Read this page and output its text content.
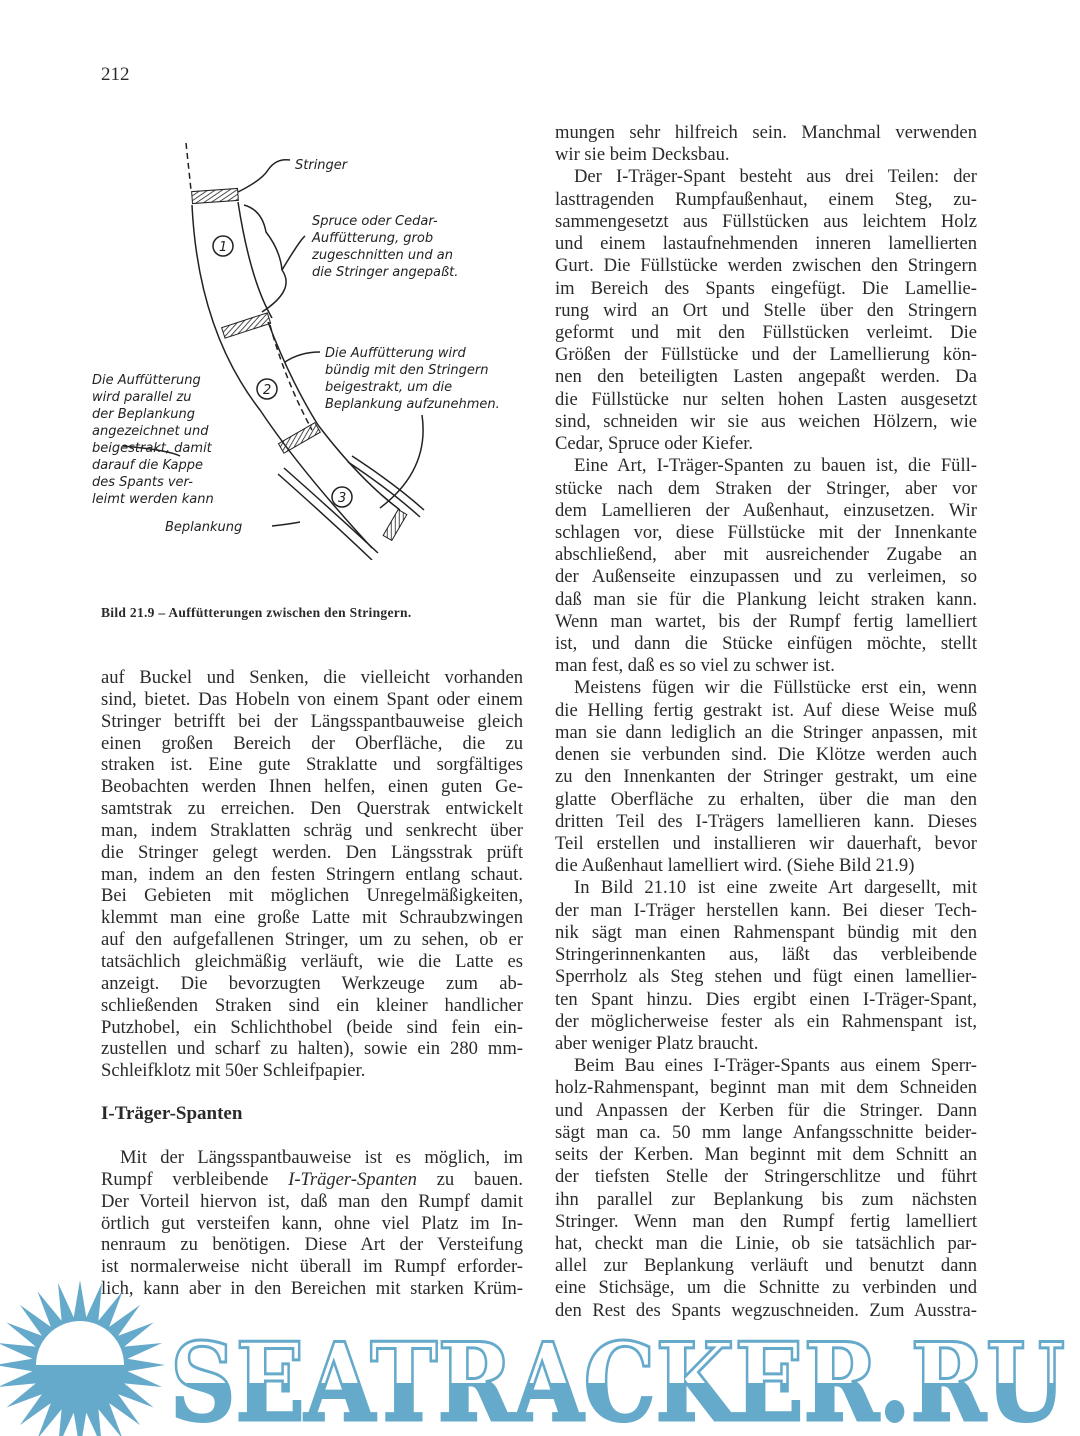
212
1
2
3
Stringer
Spruce oder Cedar-
Auffütterung, grob
zugeschnitten und an
die Stringer angepaßt.
Die Auffütterung wird
bündig mit den Stringern
beigestrakt, um die
Beplankung aufzunehmen.
Die Auffütterung
wird parallel zu
der Beplankung
angezeichnet und
beigestrakt, damit
darauf die Kappe
des Spants ver-
leimt werden kann
Beplankung
Bild 21.9 – Auffütterungen zwischen den Stringern.
auf Buckel und Senken, die vielleicht vorhanden
sind, bietet. Das Hobeln von einem Spant oder einem
Stringer betrifft bei der Längsspantbauweise gleich
einen großen Bereich der Oberfläche, die zu
straken ist. Eine gute Straklatte und sorgfältiges
Beobachten werden Ihnen helfen, einen guten Ge-
samtstrak zu erreichen. Den Querstrak entwickelt
man, indem Straklatten schräg und senkrecht über
die Stringer gelegt werden. Den Längsstrak prüft
man, indem an den festen Stringern entlang schaut.
Bei Gebieten mit möglichen Unregelmäßigkeiten,
klemmt man eine große Latte mit Schraubzwingen
auf den aufgefallenen Stringer, um zu sehen, ob er
tatsächlich gleichmäßig verläuft, wie die Latte es
anzeigt. Die bevorzugten Werkzeuge zum ab-
schließenden Straken sind ein kleiner handlicher
Putzhobel, ein Schlichthobel (beide sind fein ein-
zustellen und scharf zu halten), sowie ein 280 mm-
Schleifklotz mit 50er Schleifpapier.
I-Träger-Spanten
Mit der Längsspantbauweise ist es möglich, im
Rumpf verbleibende I-Träger-Spanten zu bauen.
Der Vorteil hiervon ist, daß man den Rumpf damit
örtlich gut versteifen kann, ohne viel Platz im In-
nenraum zu benötigen. Diese Art der Versteifung
ist normalerweise nicht überall im Rumpf erforder-
lich, kann aber in den Bereichen mit starken Krüm-
mungen sehr hilfreich sein. Manchmal verwenden
wir sie beim Decksbau.
Der I-Träger-Spant besteht aus drei Teilen: der
lasttragenden Rumpfaußenhaut, einem Steg, zu-
sammengesetzt aus Füllstücken aus leichtem Holz
und einem lastaufnehmenden inneren lamellierten
Gurt. Die Füllstücke werden zwischen den Stringern
im Bereich des Spants eingefügt. Die Lamellie-
rung wird an Ort und Stelle über den Stringern
geformt und mit den Füllstücken verleimt. Die
Größen der Füllstücke und der Lamellierung kön-
nen den beteiligten Lasten angepaßt werden. Da
die Füllstücke nur selten hohen Lasten ausgesetzt
sind, schneiden wir sie aus weichen Hölzern, wie
Cedar, Spruce oder Kiefer.
Eine Art, I-Träger-Spanten zu bauen ist, die Füll-
stücke nach dem Straken der Stringer, aber vor
dem Lamellieren der Außenhaut, einzusetzen. Wir
schlagen vor, diese Füllstücke mit der Innenkante
abschließend, aber mit ausreichender Zugabe an
der Außenseite einzupassen und zu verleimen, so
daß man sie für die Plankung leicht straken kann.
Wenn man wartet, bis der Rumpf fertig lamelliert
ist, und dann die Stücke einfügen möchte, stellt
man fest, daß es so viel zu schwer ist.
Meistens fügen wir die Füllstücke erst ein, wenn
die Helling fertig gestrakt ist. Auf diese Weise muß
man sie dann lediglich an die Stringer anpassen, mit
denen sie verbunden sind. Die Klötze werden auch
zu den Innenkanten der Stringer gestrakt, um eine
glatte Oberfläche zu erhalten, über die man den
dritten Teil des I-Trägers lamellieren kann. Dieses
Teil erstellen und installieren wir dauerhaft, bevor
die Außenhaut lamelliert wird. (Siehe Bild 21.9)
In Bild 21.10 ist eine zweite Art dargesellt, mit
der man I-Träger herstellen kann. Bei dieser Tech-
nik sägt man einen Rahmenspant bündig mit den
Stringerinnenkanten aus, läßt das verbleibende
Sperrholz als Steg stehen und fügt einen lamellier-
ten Spant hinzu. Dies ergibt einen I-Träger-Spant,
der möglicherweise fester als ein Rahmenspant ist,
aber weniger Platz braucht.
Beim Bau eines I-Träger-Spants aus einem Sperr-
holz-Rahmenspant, beginnt man mit dem Schneiden
und Anpassen der Kerben für die Stringer. Dann
sägt man ca. 50 mm lange Anfangsschnitte beider-
seits der Kerben. Man beginnt mit dem Schnitt an
der tiefsten Stelle der Stringerschlitze und führt
ihn parallel zur Beplankung bis zum nächsten
Stringer. Wenn man den Rumpf fertig lamelliert
hat, checkt man die Linie, ob sie tatsächlich par-
allel zur Beplankung verläuft und benutzt dann
eine Stichsäge, um die Schnitte zu verbinden und
den Rest des Spants wegzuschneiden. Zum Ausstra-
SEATRACKER.RU
